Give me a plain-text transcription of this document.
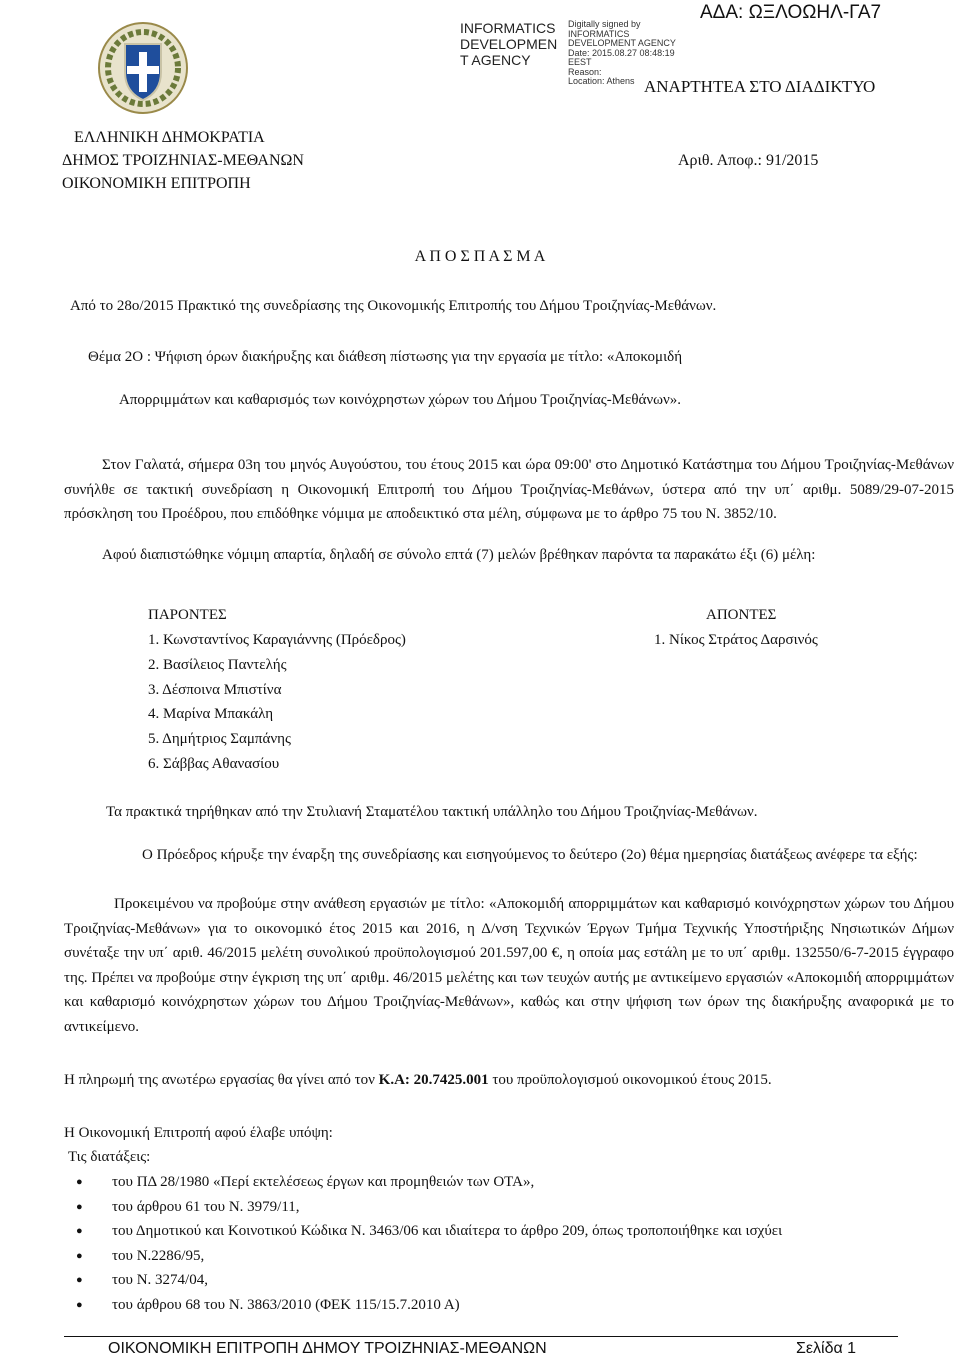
INFORMATICS
DEVELOPMEN
T AGENCY
Digitally signed by
INFORMATICS
DEVELOPMENT AGENCY
Date: 2015.08.27 08:48:19
EEST
Reason:
Location: Athens
ΑΔΑ: ΩΞΛΟΩΗΛ-ΓΑ7
ΑΝΑΡΤΗΤΕΑ ΣΤΟ ΔΙΑΔΙΚΤΥΟ
ΕΛΛΗΝΙΚΗ ΔΗΜΟΚΡΑΤΙΑ
ΔΗΜΟΣ ΤΡΟΙΖΗΝΙΑΣ-ΜΕΘΑΝΩΝ
ΟΙΚΟΝΟΜΙΚΗ ΕΠΙΤΡΟΠΗ
Αριθ. Αποφ.: 91/2015
Α Π Ο Σ Π Α Σ Μ Α
Από το 28ο/2015 Πρακτικό της συνεδρίασης της Οικονομικής Επιτροπής του Δήμου Τροιζηνίας-Μεθάνων.
Θέμα 2Ο : Ψήφιση όρων διακήρυξης και διάθεση πίστωσης για την εργασία με τίτλο: «Αποκομιδή
Απορριμμάτων και καθαρισμός των κοινόχρηστων χώρων του Δήμου Τροιζηνίας-Μεθάνων».
Στον Γαλατά, σήμερα 03η του μηνός Αυγούστου, του έτους 2015 και ώρα 09:00' στο Δημοτικό Κατάστημα του Δήμου Τροιζηνίας-Μεθάνων συνήλθε σε τακτική συνεδρίαση η Οικονομική Επιτροπή του Δήμου Τροιζηνίας-Μεθάνων, ύστερα από την υπ΄ αριθμ. 5089/29-07-2015 πρόσκληση του Προέδρου, που επιδόθηκε νόμιμα με αποδεικτικό στα μέλη, σύμφωνα με το άρθρο 75 του Ν. 3852/10.
Αφού διαπιστώθηκε νόμιμη απαρτία, δηλαδή σε σύνολο επτά (7) μελών βρέθηκαν παρόντα τα παρακάτω έξι (6) μέλη:
ΠΑΡΟΝΤΕΣ	ΑΠΟΝΤΕΣ
1. Κωνσταντίνος Καραγιάννης (Πρόεδρος)
2. Βασίλειος Παντελής
3. Δέσποινα Μπιστίνα
4. Μαρίνα Μπακάλη
5. Δημήτριος Σαμπάνης
6. Σάββας Αθανασίου
1. Νίκος Στράτος Δαρσινός
Τα πρακτικά τηρήθηκαν από την Στυλιανή Σταματέλου τακτική υπάλληλο του Δήμου Τροιζηνίας-Μεθάνων.
Ο Πρόεδρος κήρυξε την έναρξη της συνεδρίασης και εισηγούμενος το δεύτερο (2ο) θέμα ημερησίας διατάξεως ανέφερε τα εξής:
Προκειμένου να προβούμε στην ανάθεση εργασιών με τίτλο: «Αποκομιδή απορριμμάτων και καθαρισμό κοινόχρηστων χώρων του Δήμου Τροιζηνίας-Μεθάνων» για το οικονομικό έτος 2015 και 2016, η Δ/νση Τεχνικών Έργων Τμήμα Τεχνικής Υποστήριξης Νησιωτικών Δήμων συνέταξε την υπ΄ αριθ. 46/2015 μελέτη συνολικού προϋπολογισμού 201.597,00 €, η οποία μας εστάλη με το υπ΄ αριθμ. 132550/6-7-2015 έγγραφο της. Πρέπει να προβούμε στην έγκριση της υπ΄ αριθμ. 46/2015 μελέτης και των τευχών αυτής με αντικείμενο εργασιών «Αποκομιδή απορριμμάτων και καθαρισμό κοινόχρηστων χώρων του Δήμου Τροιζηνίας-Μεθάνων», καθώς και στην ψήφιση των όρων της διακήρυξης αναφορικά με το αντικείμενο.
Η πληρωμή της ανωτέρω εργασίας θα γίνει από τον Κ.Α: 20.7425.001 του προϋπολογισμού οικονομικού έτους 2015.
Η Οικονομική Επιτροπή αφού έλαβε υπόψη:
Τις διατάξεις:
● του ΠΔ 28/1980 «Περί εκτελέσεως έργων και προμηθειών των ΟΤΑ»,
● του άρθρου 61 του Ν. 3979/11,
● του Δημοτικού και Κοινοτικού Κώδικα Ν. 3463/06 και ιδιαίτερα το άρθρο 209, όπως τροποποιήθηκε και ισχύει
● του Ν.2286/95,
● του Ν. 3274/04,
● του άρθρου 68 του Ν. 3863/2010 (ΦΕΚ 115/15.7.2010 Α)
ΟΙΚΟΝΟΜΙΚΗ ΕΠΙΤΡΟΠΗ ΔΗΜΟΥ ΤΡΟΙΖΗΝΙΑΣ-ΜΕΘΑΝΩΝ	Σελίδα 1
